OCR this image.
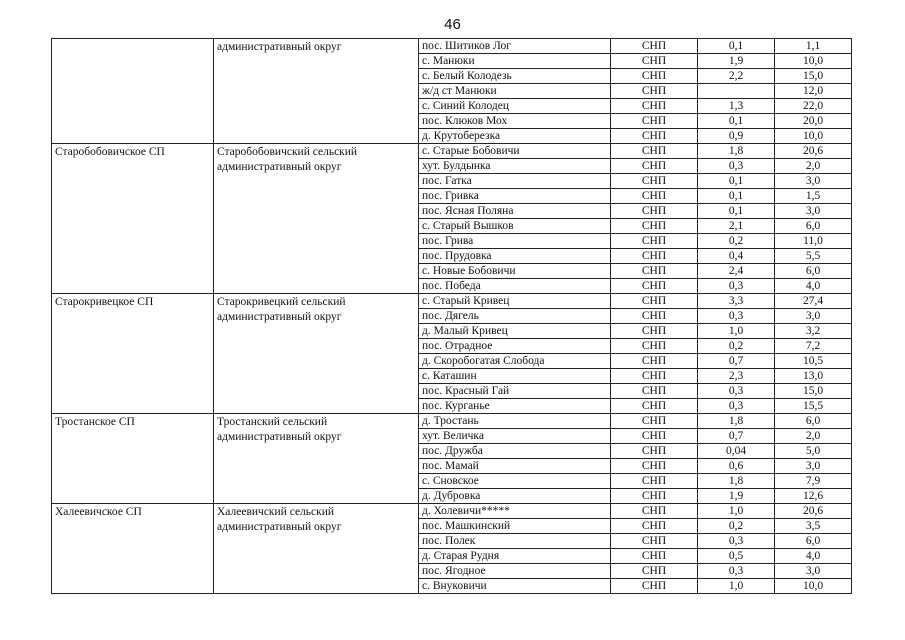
46
	административный округ	пос. Шитиков Лог	СНП	0,1	1,1
		с. Манюки	СНП	1,9	10,0
		с. Белый Колодезь	СНП	2,2	15,0
		ж/д ст Манюки	СНП		12,0
		с. Синий Колодец	СНП	1,3	22,0
		пос. Клюков Мох	СНП	0,1	20,0
		д. Крутоберезка	СНП	0,9	10,0
Старобобовичское СП	Старобобовичский сельский административный округ	с. Старые Бобовичи	СНП	1,8	20,6
		хут. Булдынка	СНП	0,3	2,0
		пос. Гатка	СНП	0,1	3,0
		пос. Гривка	СНП	0,1	1,5
		пос. Ясная Поляна	СНП	0,1	3,0
		с. Старый Вышков	СНП	2,1	6,0
		пос. Грива	СНП	0,2	11,0
		пос. Прудовка	СНП	0,4	5,5
		с. Новые Бобовичи	СНП	2,4	6,0
		пос. Победа	СНП	0,3	4,0
Старокривецкое СП	Старокривецкий сельский административный округ	с. Старый Кривец	СНП	3,3	27,4
		пос. Дягель	СНП	0,3	3,0
		д. Малый Кривец	СНП	1,0	3,2
		пос. Отрадное	СНП	0,2	7,2
		д. Скоробогатая Слобода	СНП	0,7	10,5
		с. Каташин	СНП	2,3	13,0
		пос. Красный Гай	СНП	0,3	15,0
		пос. Курганье	СНП	0,3	15,5
Тростанское СП	Тростанский сельский административный округ	д. Тростань	СНП	1,8	6,0
		хут. Величка	СНП	0,7	2,0
		пос. Дружба	СНП	0,04	5,0
		пос. Мамай	СНП	0,6	3,0
		с. Сновское	СНП	1,8	7,9
		д. Дубровка	СНП	1,9	12,6
Халеевичское СП	Халеевичский сельский административный округ	д. Холевичи*****	СНП	1,0	20,6
		пос. Машкинский	СНП	0,2	3,5
		пос. Полек	СНП	0,3	6,0
		д. Старая Рудня	СНП	0,5	4,0
		пос. Ягодное	СНП	0,3	3,0
		с. Внуковичи	СНП	1,0	10,0
